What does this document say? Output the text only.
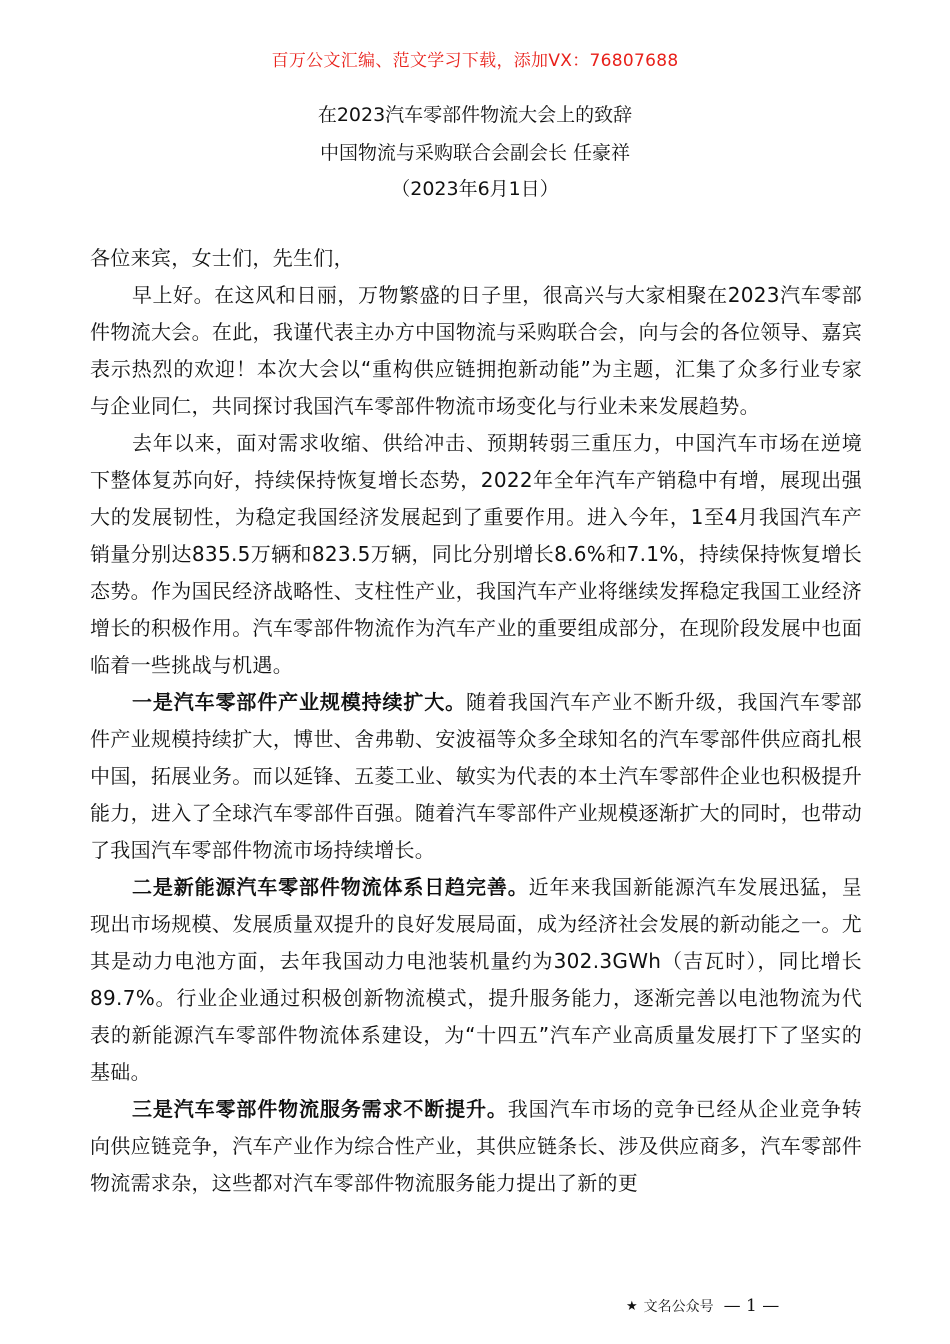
百万公文汇编、范文学习下载，添加VX：76807688
在2023汽车零部件物流大会上的致辞
中国物流与采购联合会副会长 任豪祥
（2023年6月1日）

各位来宾，女士们，先生们，

早上好。在这风和日丽，万物繁盛的日子里，很高兴与大家相聚在2023汽车零部件物流大会。在此，我谨代表主办方中国物流与采购联合会，向与会的各位领导、嘉宾表示热烈的欢迎！本次大会以“重构供应链拥抱新动能”为主题，汇集了众多行业专家与企业同仁，共同探讨我国汽车零部件物流市场变化与行业未来发展趋势。

去年以来，面对需求收缩、供给冲击、预期转弱三重压力，中国汽车市场在逆境下整体复苏向好，持续保持恢复增长态势，2022年全年汽车产销稳中有增，展现出强大的发展韧性，为稳定我国经济发展起到了重要作用。进入今年，1至4月我国汽车产销量分别达835.5万辆和823.5万辆，同比分别增长8.6%和7.1%，持续保持恢复增长态势。作为国民经济战略性、支柱性产业，我国汽车产业将继续发挥稳定我国工业经济增长的积极作用。汽车零部件物流作为汽车产业的重要组成部分，在现阶段发展中也面临着一些挑战与机遇。

一是汽车零部件产业规模持续扩大。随着我国汽车产业不断升级，我国汽车零部件产业规模持续扩大，博世、舍弗勒、安波福等众多全球知名的汽车零部件供应商扎根中国，拓展业务。而以延锋、五菱工业、敏实为代表的本土汽车零部件企业也积极提升能力，进入了全球汽车零部件百强。随着汽车零部件产业规模逐渐扩大的同时，也带动了我国汽车零部件物流市场持续增长。

二是新能源汽车零部件物流体系日趋完善。近年来我国新能源汽车发展迅猛，呈现出市场规模、发展质量双提升的良好发展局面，成为经济社会发展的新动能之一。尤其是动力电池方面，去年我国动力电池装机量约为302.3GWh（吉瓦时），同比增长89.7%。行业企业通过积极创新物流模式，提升服务能力，逐渐完善以电池物流为代表的新能源汽车零部件物流体系建设，为“十四五”汽车产业高质量发展打下了坚实的基础。

三是汽车零部件物流服务需求不断提升。我国汽车市场的竞争已经从企业竞争转向供应链竞争，汽车产业作为综合性产业，其供应链条长、涉及供应商多，汽车零部件物流需求杂，这些都对汽车零部件物流服务能力提出了新的更

★ 文名公众号 — 1 —
